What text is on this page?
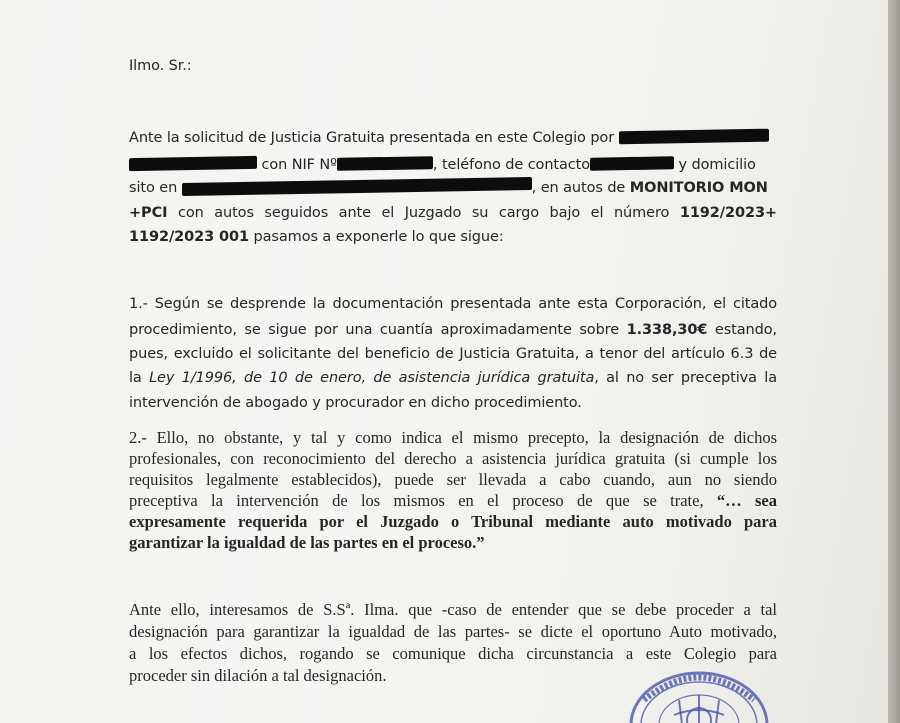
Ilmo. Sr.:
Ante la solicitud de Justicia Gratuita presentada en este Colegio por
con NIF Nº	, teléfono de contacto	y domicilio
sito en	, en autos de MONITORIO MON
+PCI con autos seguidos ante el Juzgado su cargo bajo el número 1192/2023+
1192/2023 001 pasamos a exponerle lo que sigue:
1.- Según se desprende la documentación presentada ante esta Corporación, el citado
procedimiento, se sigue por una cuantía aproximadamente sobre 1.338,30€ estando,
pues, excluido el solicitante del beneficio de Justicia Gratuita, a tenor del artículo 6.3 de
la Ley 1/1996, de 10 de enero, de asistencia jurídica gratuita, al no ser preceptiva la
intervención de abogado y procurador en dicho procedimiento.
2.- Ello, no obstante, y tal y como indica el mismo precepto, la designación de dichos
profesionales, con reconocimiento del derecho a asistencia jurídica gratuita (si cumple los
requisitos legalmente establecidos), puede ser llevada a cabo cuando, aun no siendo
preceptiva la intervención de los mismos en el proceso de que se trate, “… sea
expresamente requerida por el Juzgado o Tribunal mediante auto motivado para
garantizar la igualdad de las partes en el proceso.”
Ante ello, interesamos de S.Sª. Ilma. que -caso de entender que se debe proceder a tal
designación para garantizar la igualdad de las partes- se dicte el oportuno Auto motivado,
a los efectos dichos, rogando se comunique dicha circunstancia a este Colegio para
proceder sin dilación a tal designación.
